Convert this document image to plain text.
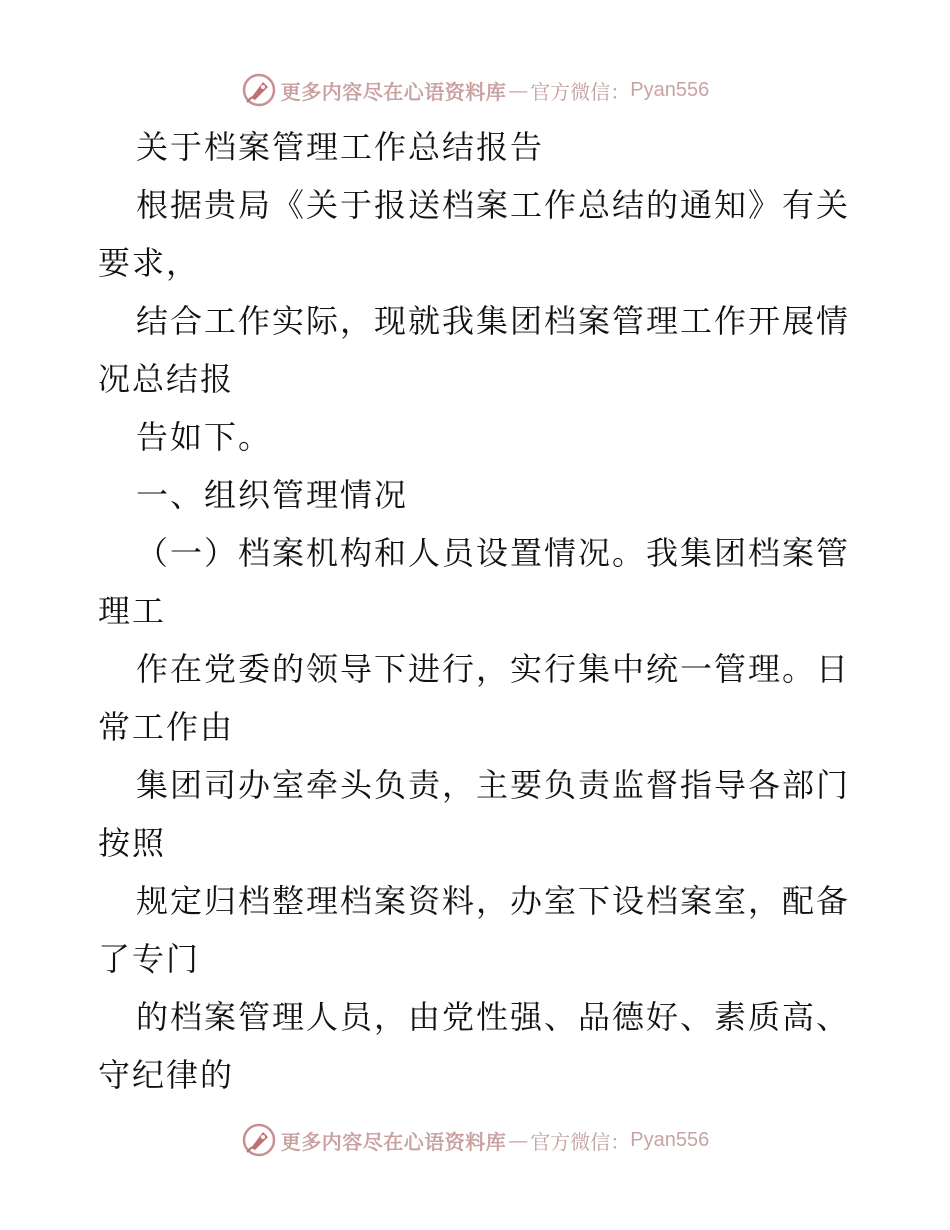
更多内容尽在心语资料库 — 官方微信： Pyan556
关于档案管理工作总结报告
根据贵局《关于报送档案工作总结的通知》有关
要求，
结合工作实际，现就我集团档案管理工作开展情
况总结报
告如下。
一、组织管理情况
（一）档案机构和人员设置情况。我集团档案管
理工
作在党委的领导下进行，实行集中统一管理。日
常工作由
集团司办室牵头负责，主要负责监督指导各部门
按照
规定归档整理档案资料，办室下设档案室，配备
了专门
的档案管理人员，由党性强、品德好、素质高、
守纪律的
更多内容尽在心语资料库 — 官方微信： Pyan556
